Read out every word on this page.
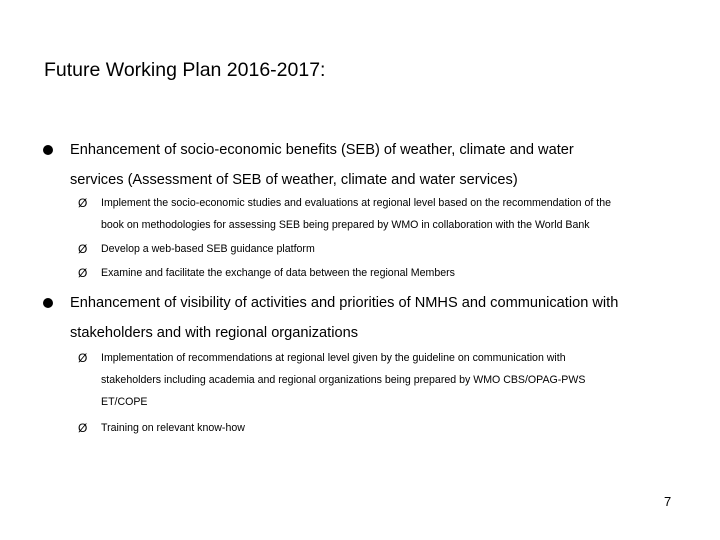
Future Working Plan 2016-2017:
Enhancement of socio-economic benefits (SEB) of weather, climate and water
services (Assessment of SEB of weather, climate and water services)
Ø Implement the socio-economic studies and evaluations at regional level based on the recommendation of the
book on methodologies for assessing SEB being prepared by WMO in collaboration with the World Bank
Ø Develop a web-based SEB guidance platform
Ø Examine and facilitate the exchange of data between the regional Members
Enhancement of visibility of activities and priorities of NMHS and communication with
stakeholders and with regional organizations
Ø Implementation of recommendations at regional level given by the guideline on communication with
stakeholders including academia and regional organizations being prepared by WMO CBS/OPAG-PWS
ET/COPE
Ø Training on relevant know-how
7
